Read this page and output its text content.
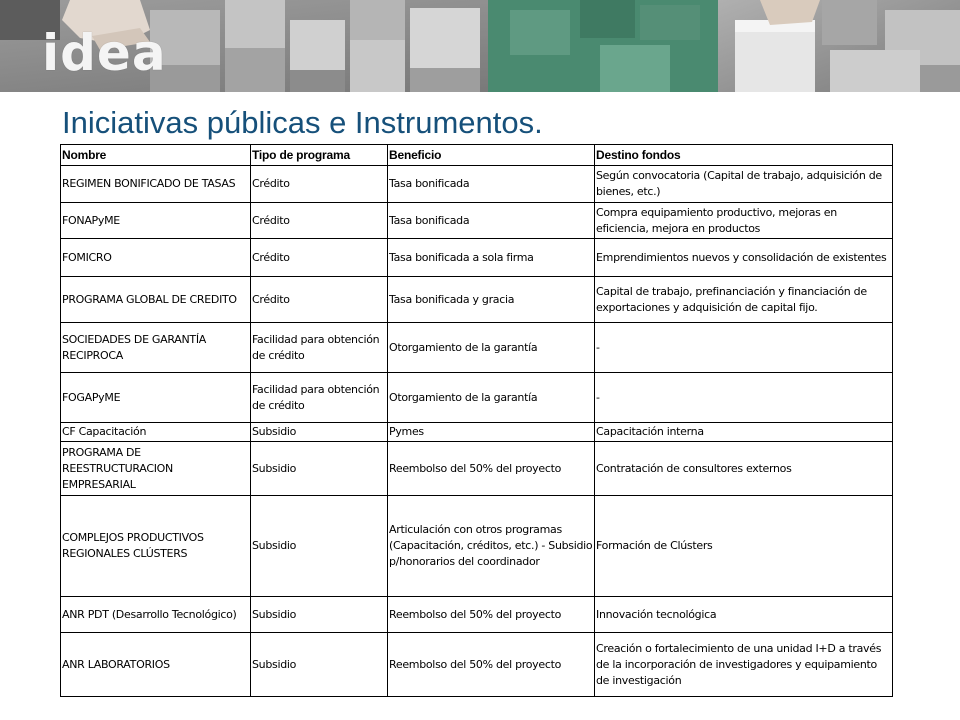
idea
Iniciativas públicas e Instrumentos.
Nombre	Tipo de programa	Beneficio	Destino fondos
REGIMEN BONIFICADO DE TASAS	Crédito	Tasa bonificada	Según convocatoria (Capital de trabajo, adquisición de bienes, etc.)
FONAPyME	Crédito	Tasa bonificada	Compra equipamiento productivo, mejoras en eficiencia, mejora en productos
FOMICRO	Crédito	Tasa bonificada a sola firma	Emprendimientos nuevos y consolidación de existentes
PROGRAMA GLOBAL DE CREDITO	Crédito	Tasa bonificada y gracia	Capital de trabajo, prefinanciación y financiación de exportaciones y adquisición de capital fijo.
SOCIEDADES DE GARANTÍA RECIPROCA	Facilidad para obtención de crédito	Otorgamiento de la garantía	-
FOGAPyME	Facilidad para obtención de crédito	Otorgamiento de la garantía	-
CF Capacitación	Subsidio	Pymes	Capacitación interna
PROGRAMA DE REESTRUCTURACION EMPRESARIAL	Subsidio	Reembolso del 50% del proyecto	Contratación de consultores externos
COMPLEJOS PRODUCTIVOS REGIONALES CLÚSTERS	Subsidio	Articulación con otros programas (Capacitación, créditos, etc.) - Subsidio p/honorarios del coordinador	Formación de Clústers
ANR PDT (Desarrollo Tecnológico)	Subsidio	Reembolso del 50% del proyecto	Innovación tecnológica
ANR LABORATORIOS	Subsidio	Reembolso del 50% del proyecto	Creación o fortalecimiento de una unidad I+D a través de la incorporación de investigadores y equipamiento de investigación
